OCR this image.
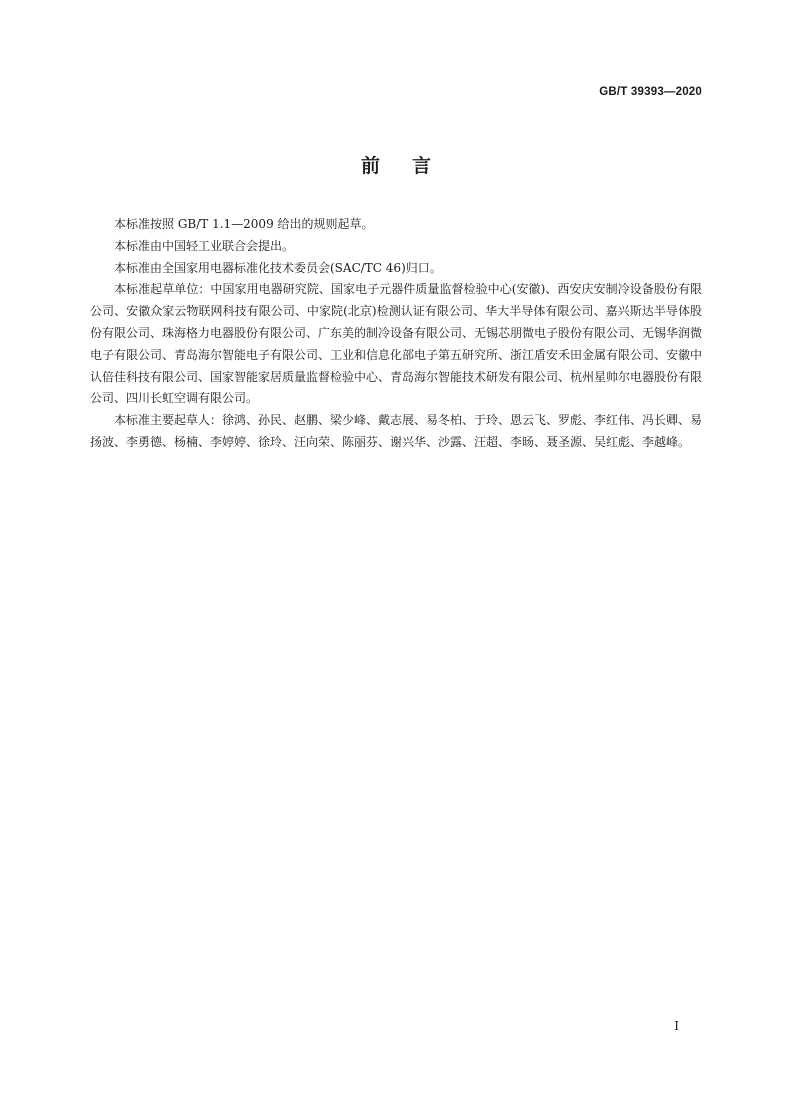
GB/T 39393—2020
前言

本标准按照 GB/T 1.1—2009 给出的规则起草。

本标准由中国轻工业联合会提出。

本标准由全国家用电器标准化技术委员会(SAC/TC 46)归口。

本标准起草单位：中国家用电器研究院、国家电子元器件质量监督检验中心(安徽)、西安庆安制冷设备股份有限公司、安徽众家云物联网科技有限公司、中家院(北京)检测认证有限公司、华大半导体有限公司、嘉兴斯达半导体股份有限公司、珠海格力电器股份有限公司、广东美的制冷设备有限公司、无锡芯朋微电子股份有限公司、无锡华润微电子有限公司、青岛海尔智能电子有限公司、工业和信息化部电子第五研究所、浙江盾安禾田金属有限公司、安徽中认倍佳科技有限公司、国家智能家居质量监督检验中心、青岛海尔智能技术研发有限公司、杭州星帅尔电器股份有限公司、四川长虹空调有限公司。

本标准主要起草人：徐鸿、孙民、赵鹏、梁少峰、戴志展、易冬柏、于玲、恩云飞、罗彪、李红伟、冯长卿、易扬波、李勇德、杨楠、李婷婷、徐玲、汪向荣、陈丽芬、谢兴华、沙露、汪超、李旸、聂圣源、吴红彪、李越峰。

I
